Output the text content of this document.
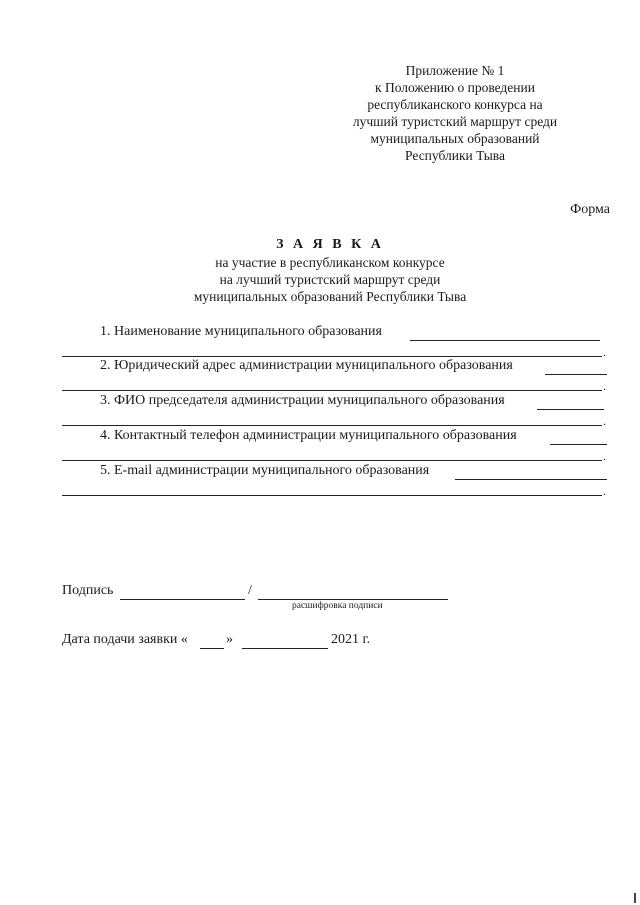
Приложение № 1
к Положению о проведении
республиканского конкурса на
лучший туристский маршрут среди
муниципальных образований
Республики Тыва
Форма
З А Я В К А
на участие в республиканском конкурсе
на лучший туристский маршрут среди
муниципальных образований Республики Тыва
1. Наименование муниципального образования
.
2. Юридический адрес администрации муниципального образования
.
3. ФИО председателя администрации муниципального образования
.
4. Контактный телефон администрации муниципального образования
.
5. E-mail администрации муниципального образования
.
Подпись	/
расшифровка подписи
Дата подачи заявки «	»	2021 г.
